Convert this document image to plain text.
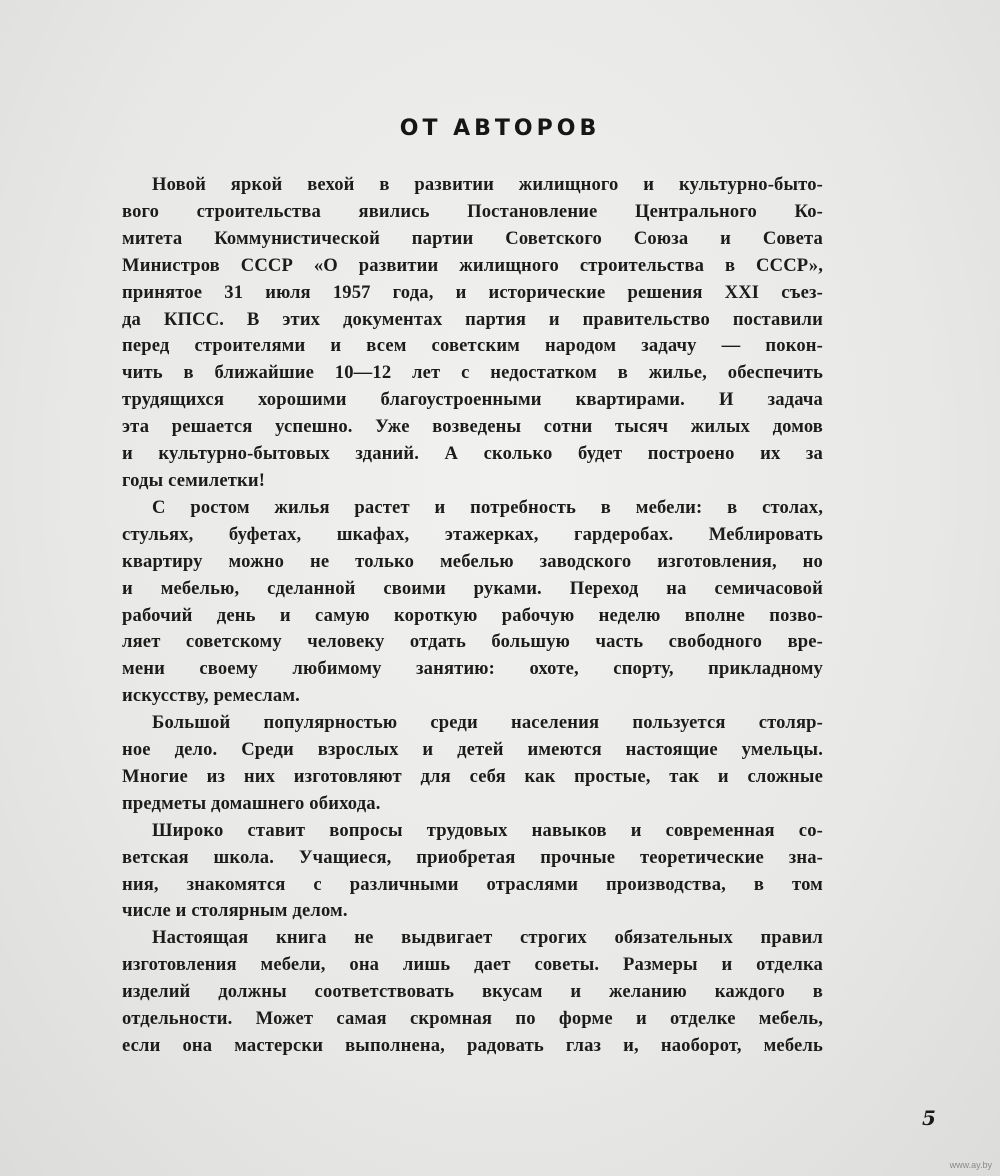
ОТ АВТОРОВ

Новой яркой вехой в развитии жилищного и культурно-быто-
вого строительства явились Постановление Центрального Ко-
митета Коммунистической партии Советского Союза и Совета
Министров СССР «О развитии жилищного строительства в СССР»,
принятое 31 июля 1957 года, и исторические решения XXI съез-
да КПСС. В этих документах партия и правительство поставили
перед строителями и всем советским народом задачу — покон-
чить в ближайшие 10—12 лет с недостатком в жилье, обеспечить
трудящихся хорошими благоустроенными квартирами. И задача
эта решается успешно. Уже возведены сотни тысяч жилых домов
и культурно-бытовых зданий. А сколько будет построено их за
годы семилетки!

С ростом жилья растет и потребность в мебели: в столах,
стульях, буфетах, шкафах, этажерках, гардеробах. Меблировать
квартиру можно не только мебелью заводского изготовления, но
и мебелью, сделанной своими руками. Переход на семичасовой
рабочий день и самую короткую рабочую неделю вполне позво-
ляет советскому человеку отдать большую часть свободного вре-
мени своему любимому занятию: охоте, спорту, прикладному
искусству, ремеслам.

Большой популярностью среди населения пользуется столяр-
ное дело. Среди взрослых и детей имеются настоящие умельцы.
Многие из них изготовляют для себя как простые, так и сложные
предметы домашнего обихода.

Широко ставит вопросы трудовых навыков и современная со-
ветская школа. Учащиеся, приобретая прочные теоретические зна-
ния, знакомятся с различными отраслями производства, в том
числе и столярным делом.

Настоящая книга не выдвигает строгих обязательных правил
изготовления мебели, она лишь дает советы. Размеры и отделка
изделий должны соответствовать вкусам и желанию каждого в
отдельности. Может самая скромная по форме и отделке мебель,
если она мастерски выполнена, радовать глаз и, наоборот, мебель

5
www.ay.by
